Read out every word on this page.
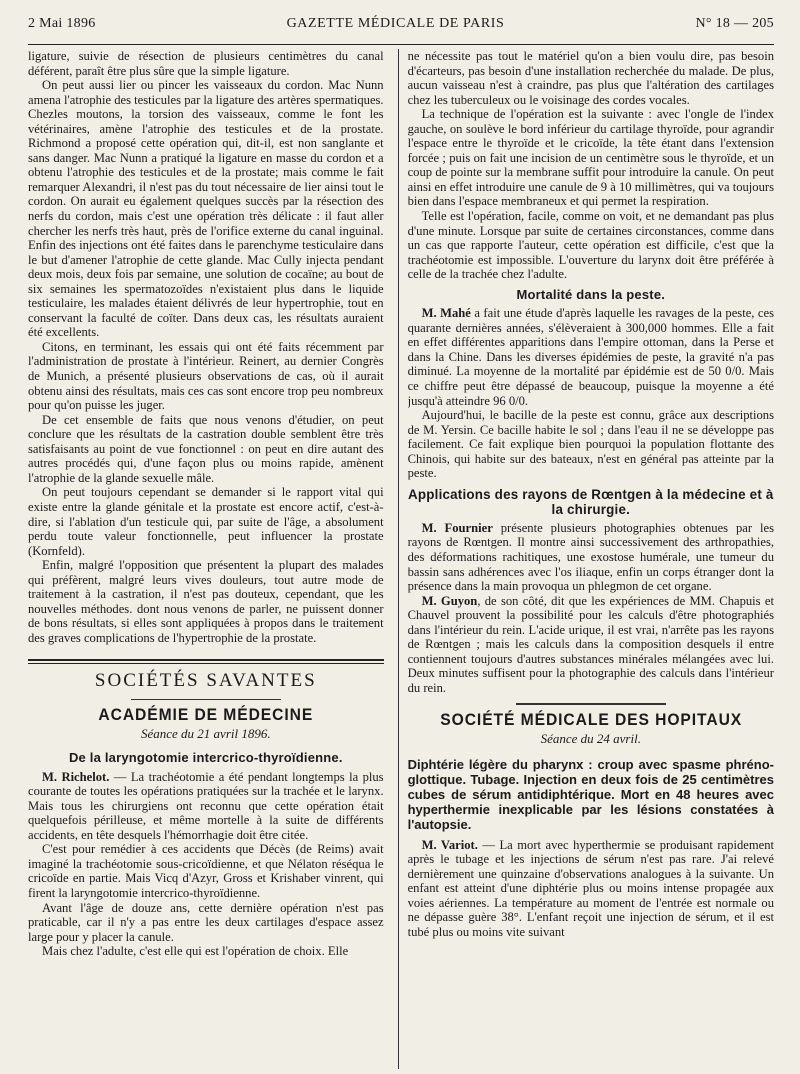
2 Mai 1896	GAZETTE MÉDICALE DE PARIS	N° 18 — 205

ligature, suivie de résection de plusieurs centimètres du canal déférent, paraît être plus sûre que la simple ligature.

On peut aussi lier ou pincer les vaisseaux du cordon. Mac Nunn amena l'atrophie des testicules par la ligature des artères spermatiques. Chezles moutons, la torsion des vaisseaux, comme le font les vétérinaires, amène l'atrophie des testicules et de la prostate. Richmond a proposé cette opération qui, dit-il, est non sanglante et sans danger. Mac Nunn a pratiqué la ligature en masse du cordon et a obtenu l'atrophie des testicules et de la prostate; mais comme le fait remarquer Alexandri, il n'est pas du tout nécessaire de lier ainsi tout le cordon. On aurait eu également quelques succès par la résection des nerfs du cordon, mais c'est une opération très délicate : il faut aller chercher les nerfs très haut, près de l'orifice externe du canal inguinal. Enfin des injections ont été faites dans le parenchyme testiculaire dans le but d'amener l'atrophie de cette glande. Mac Cully injecta pendant deux mois, deux fois par semaine, une solution de cocaïne; au bout de six semaines les spermatozoïdes n'existaient plus dans le liquide testiculaire, les malades étaient délivrés de leur hypertrophie, tout en conservant la faculté de coïter. Dans deux cas, les résultats auraient été excellents.

Citons, en terminant, les essais qui ont été faits récemment par l'administration de prostate à l'intérieur. Reinert, au dernier Congrès de Munich, a présenté plusieurs observations de cas, où il aurait obtenu ainsi des résultats, mais ces cas sont encore trop peu nombreux pour qu'on puisse les juger.

De cet ensemble de faits que nous venons d'étudier, on peut conclure que les résultats de la castration double semblent être très satisfaisants au point de vue fonctionnel : on peut en dire autant des autres procédés qui, d'une façon plus ou moins rapide, amènent l'atrophie de la glande sexuelle mâle.

On peut toujours cependant se demander si le rapport vital qui existe entre la glande génitale et la prostate est encore actif, c'est-à-dire, si l'ablation d'un testicule qui, par suite de l'âge, a absolument perdu toute valeur fonctionnelle, peut influencer la prostate (Kornfeld).

Enfin, malgré l'opposition que présentent la plupart des malades qui préfèrent, malgré leurs vives douleurs, tout autre mode de traitement à la castration, il n'est pas douteux, cependant, que les nouvelles méthodes. dont nous venons de parler, ne puissent donner de bons résultats, si elles sont appliquées à propos dans le traitement des graves complications de l'hypertrophie de la prostate.

SOCIÉTÉS SAVANTES
ACADÉMIE DE MÉDECINE
Séance du 21 avril 1896.
De la laryngotomie intercrico-thyroïdienne.

M. Richelot. — La trachéotomie a été pendant longtemps la plus courante de toutes les opérations pratiquées sur la trachée et le larynx. Mais tous les chirurgiens ont reconnu que cette opération était quelquefois périlleuse, et même mortelle à la suite de différents accidents, en tête desquels l'hémorrhagie doit être citée.

C'est pour remédier à ces accidents que Décès (de Reims) avait imaginé la trachéotomie sous-cricoïdienne, et que Nélaton réséqua le cricoïde en partie. Mais Vicq d'Azyr, Gross et Krishaber vinrent, qui firent la laryngotomie intercrico-thyroïdienne.

Avant l'âge de douze ans, cette dernière opération n'est pas praticable, car il n'y a pas entre les deux cartilages d'espace assez large pour y placer la canule.

Mais chez l'adulte, c'est elle qui est l'opération de choix. Elle

ne nécessite pas tout le matériel qu'on a bien voulu dire, pas besoin d'écarteurs, pas besoin d'une installation recherchée du malade. De plus, aucun vaisseau n'est à craindre, pas plus que l'altération des cartilages chez les tuberculeux ou le voisinage des cordes vocales.

La technique de l'opération est la suivante : avec l'ongle de l'index gauche, on soulève le bord inférieur du cartilage thyroïde, pour agrandir l'espace entre le thyroïde et le cricoïde, la tête étant dans l'extension forcée ; puis on fait une incision de un centimètre sous le thyroïde, et un coup de pointe sur la membrane suffit pour introduire la canule. On peut ainsi en effet introduire une canule de 9 à 10 millimètres, qui va toujours bien dans l'espace membraneux et qui permet la respiration.

Telle est l'opération, facile, comme on voit, et ne demandant pas plus d'une minute. Lorsque par suite de certaines circonstances, comme dans un cas que rapporte l'auteur, cette opération est difficile, c'est que la trachéotomie est impossible. L'ouverture du larynx doit être préférée à celle de la trachée chez l'adulte.

Mortalité dans la peste.

M. Mahé a fait une étude d'après laquelle les ravages de la peste, ces quarante dernières années, s'élèveraient à 300,000 hommes. Elle a fait en effet différentes apparitions dans l'empire ottoman, dans la Perse et dans la Chine. Dans les diverses épidémies de peste, la gravité n'a pas diminué. La moyenne de la mortalité par épidémie est de 50 0/0. Mais ce chiffre peut être dépassé de beaucoup, puisque la moyenne a été jusqu'à atteindre 96 0/0.

Aujourd'hui, le bacille de la peste est connu, grâce aux descriptions de M. Yersin. Ce bacille habite le sol ; dans l'eau il ne se développe pas facilement. Ce fait explique bien pourquoi la population flottante des Chinois, qui habite sur des bateaux, n'est en général pas atteinte par la peste.

Applications des rayons de Rœntgen à la médecine et à la chirurgie.

M. Fournier présente plusieurs photographies obtenues par les rayons de Rœntgen. Il montre ainsi successivement des arthropathies, des déformations rachitiques, une exostose humérale, une tumeur du bassin sans adhérences avec l'os iliaque, enfin un corps étranger dont la présence dans la main provoqua un phlegmon de cet organe.

M. Guyon, de son côté, dit que les expériences de MM. Chapuis et Chauvel prouvent la possibilité pour les calculs d'être photographiés dans l'intérieur du rein. L'acide urique, il est vrai, n'arrête pas les rayons de Rœntgen ; mais les calculs dans la composition desquels il entre contiennent toujours d'autres substances minérales mélangées avec lui. Deux minutes suffisent pour la photographie des calculs dans l'intérieur du rein.

SOCIÉTÉ MÉDICALE DES HOPITAUX
Séance du 24 avril.
Diphtérie légère du pharynx : croup avec spasme phréno-glottique. Tubage. Injection en deux fois de 25 centimètres cubes de sérum antidiphtérique. Mort en 48 heures avec hyperthermie inexplicable par les lésions constatées à l'autopsie.

M. Variot. — La mort avec hyperthermie se produisant rapidement après le tubage et les injections de sérum n'est pas rare. J'ai relevé dernièrement une quinzaine d'observations analogues à la suivante. Un enfant est atteint d'une diphtérie plus ou moins intense propagée aux voies aériennes. La température au moment de l'entrée est normale ou ne dépasse guère 38°. L'enfant reçoit une injection de sérum, et il est tubé plus ou moins vite suivant
